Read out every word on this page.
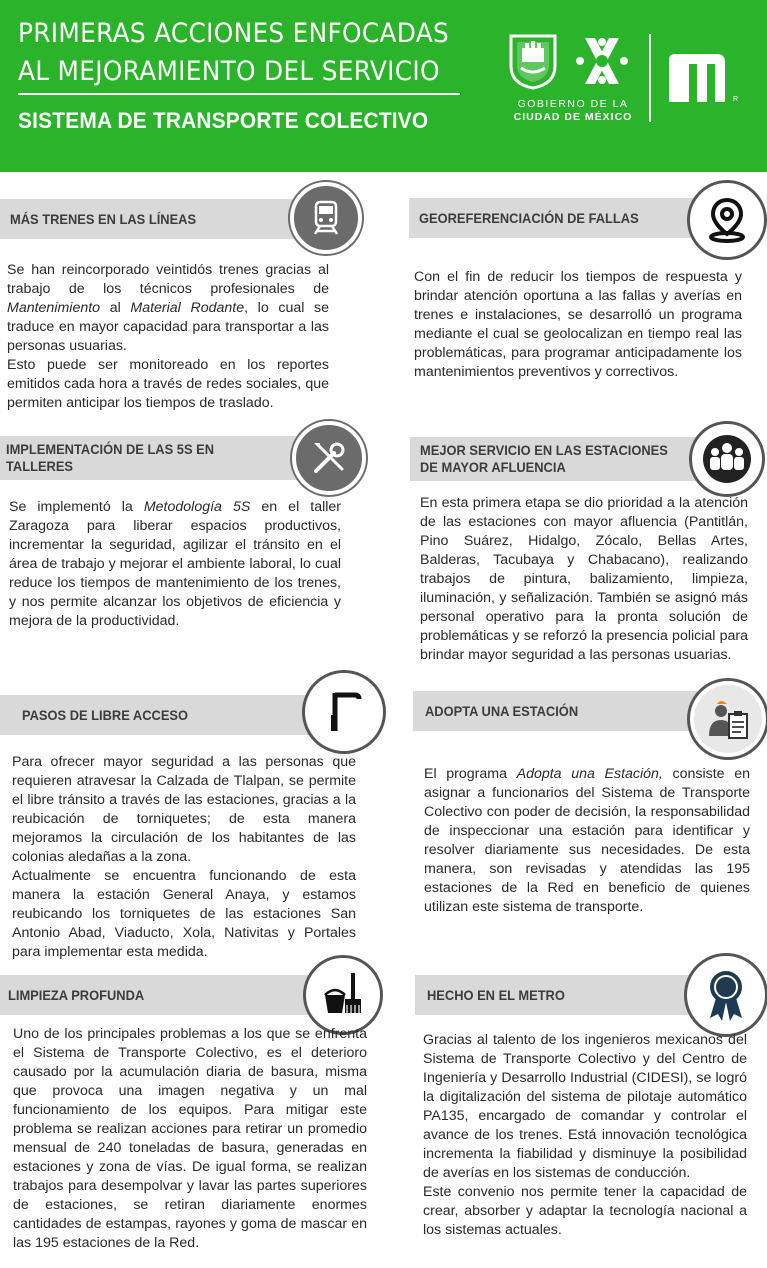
PRIMERAS ACCIONES ENFOCADAS
AL MEJORAMIENTO DEL SERVICIO
SISTEMA DE TRANSPORTE COLECTIVO
GOBIERNO DE LA
CIUDAD DE MÉXICO
R
MÁS TRENES EN LAS LÍNEAS

Se han reincorporado veintidós trenes gracias al trabajo de los técnicos profesionales de Mantenimiento al Material Rodante, lo cual se traduce en mayor capacidad para transportar a las personas usuarias.

Esto puede ser monitoreado en los reportes emitidos cada hora a través de redes sociales, que permiten anticipar los tiempos de traslado.

GEOREFERENCIACIÓN DE FALLAS

Con el fin de reducir los tiempos de respuesta y brindar atención oportuna a las fallas y averías en trenes e instalaciones, se desarrolló un programa mediante el cual se geolocalizan en tiempo real las problemáticas, para programar anticipadamente los mantenimientos preventivos y correctivos.

IMPLEMENTACIÓN DE LAS 5S EN
TALLERES

Se implementó la Metodología 5S en el taller Zaragoza para liberar espacios productivos, incrementar la seguridad, agilizar el tránsito en el área de trabajo y mejorar el ambiente laboral, lo cual reduce los tiempos de mantenimiento de los trenes, y nos permite alcanzar los objetivos de eficiencia y mejora de la productividad.

MEJOR SERVICIO EN LAS ESTACIONES
DE MAYOR AFLUENCIA

En esta primera etapa se dio prioridad a la atención de las estaciones con mayor afluencia (Pantitlán, Pino Suárez, Hidalgo, Zócalo, Bellas Artes, Balderas, Tacubaya y Chabacano), realizando trabajos de pintura, balizamiento, limpieza, iluminación, y señalización. También se asignó más personal operativo para la pronta solución de problemáticas y se reforzó la presencia policial para brindar mayor seguridad a las personas usuarias.

PASOS DE LIBRE ACCESO

Para ofrecer mayor seguridad a las personas que requieren atravesar la Calzada de Tlalpan, se permite el libre tránsito a través de las estaciones, gracias a la reubicación de torniquetes; de esta manera mejoramos la circulación de los habitantes de las colonias aledañas a la zona.

Actualmente se encuentra funcionando de esta manera la estación General Anaya, y estamos reubicando los torniquetes de las estaciones San Antonio Abad, Viaducto, Xola, Nativitas y Portales para implementar esta medida.

ADOPTA UNA ESTACIÓN

El programa Adopta una Estación, consiste en asignar a funcionarios del Sistema de Transporte Colectivo con poder de decisión, la responsabilidad de inspeccionar una estación para identificar y resolver diariamente sus necesidades. De esta manera, son revisadas y atendidas las 195 estaciones de la Red en beneficio de quienes utilizan este sistema de transporte.

LIMPIEZA PROFUNDA

Uno de los principales problemas a los que se enfrenta el Sistema de Transporte Colectivo, es el deterioro causado por la acumulación diaria de basura, misma que provoca una imagen negativa y un mal funcionamiento de los equipos. Para mitigar este problema se realizan acciones para retirar un promedio mensual de 240 toneladas de basura, generadas en estaciones y zona de vías. De igual forma, se realizan trabajos para desempolvar y lavar las partes superiores de estaciones, se retiran diariamente enormes cantidades de estampas, rayones y goma de mascar en las 195 estaciones de la Red.

HECHO EN EL METRO

Gracias al talento de los ingenieros mexicanos del Sistema de Transporte Colectivo y del Centro de Ingeniería y Desarrollo Industrial (CIDESI), se logró la digitalización del sistema de pilotaje automático PA135, encargado de comandar y controlar el avance de los trenes. Está innovación tecnológica incrementa la fiabilidad y disminuye la posibilidad de averías en los sistemas de conducción.

Este convenio nos permite tener la capacidad de crear, absorber y adaptar la tecnología nacional a los sistemas actuales.
